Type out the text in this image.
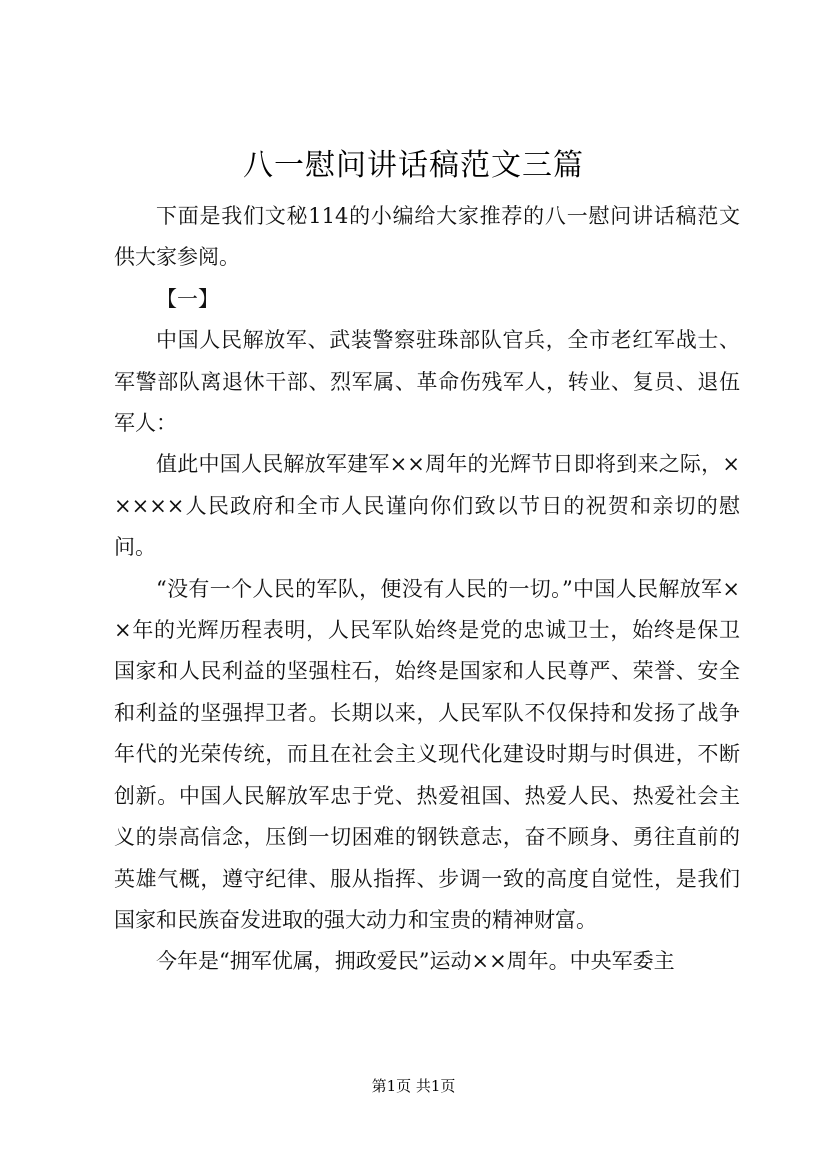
八一慰问讲话稿范文三篇

下面是我们文秘114的小编给大家推荐的八一慰问讲话稿范文供大家参阅。

【一】

中国人民解放军、武装警察驻珠部队官兵，全市老红军战士、军警部队离退休干部、烈军属、革命伤残军人，转业、复员、退伍军人：

值此中国人民解放军建军××周年的光辉节日即将到来之际，×××××人民政府和全市人民谨向你们致以节日的祝贺和亲切的慰问。

“没有一个人民的军队，便没有人民的一切。”中国人民解放军××年的光辉历程表明，人民军队始终是党的忠诚卫士，始终是保卫国家和人民利益的坚强柱石，始终是国家和人民尊严、荣誉、安全和利益的坚强捍卫者。长期以来，人民军队不仅保持和发扬了战争年代的光荣传统，而且在社会主义现代化建设时期与时俱进，不断创新。中国人民解放军忠于党、热爱祖国、热爱人民、热爱社会主义的崇高信念，压倒一切困难的钢铁意志，奋不顾身、勇往直前的英雄气概，遵守纪律、服从指挥、步调一致的高度自觉性，是我们国家和民族奋发进取的强大动力和宝贵的精神财富。

今年是“拥军优属，拥政爱民”运动××周年。中央军委主

第1页 共1页
